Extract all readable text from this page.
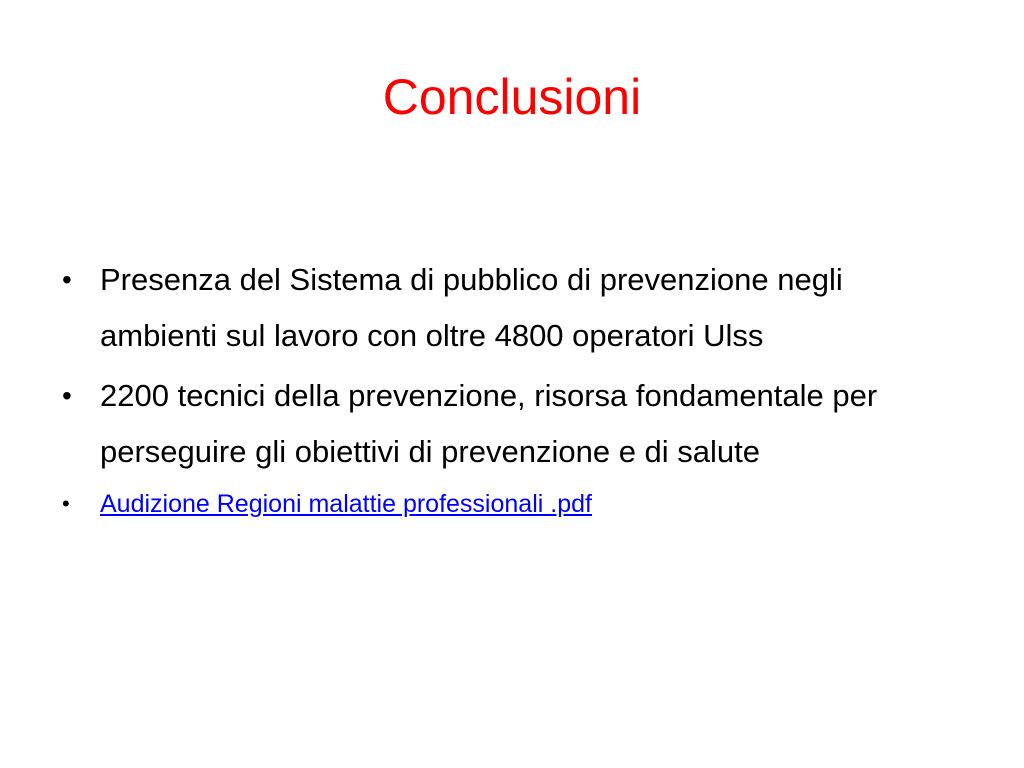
Conclusioni
• Presenza del Sistema di pubblico di prevenzione negli ambienti sul lavoro con oltre 4800 operatori Ulss
• 2200 tecnici della prevenzione, risorsa fondamentale per perseguire gli obiettivi di prevenzione e di salute
• Audizione Regioni malattie professionali .pdf
